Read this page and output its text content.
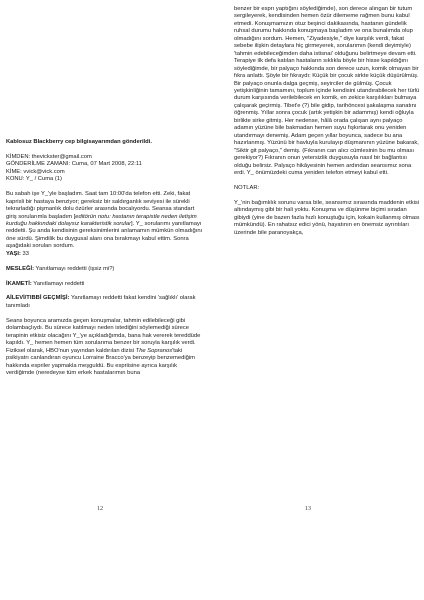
Kablosuz Blackberry cep bilgisayarımdan gönderildi.

KİMDEN: thevickster@gmail.com

GÖNDERİLME ZAMANI: Cuma, 07 Mart 2008, 22:11

KİME: vvick@vick.com

KONU: Y_ / Cuma (1)

Bu sabah işe Y_'yle başladım. Saat tam 10:00'da telefon etti. Zeki, fakat kaprisli bir hastaya benziyor; gereksiz bir saldırganlık seviyesi ile sürekli tekrarladığı pişmanlık dolu özürler arasında bocalıyordu. Seansa standart giriş sorularımla başladım [editörün notu: hastanın terapistle neden iletişim kurduğu hakkındaki dolaysız karakteristik sorular]. Y_ sorularımı yanıtlamayı reddetti. Şu anda kendisinin gereksinimlerini anlamamın mümkün olmadığını öne sürdü. Şimdilik bu duygusal alanı ona bırakmayı kabul ettim. Sonra aşağıdaki soruları sordum.

YAŞI: 33

MESLEĞİ: Yanıtlamayı reddetti (işsiz mi?)

İKAMETİ: Yanıtlamayı reddetti

AİLEVİ/TIBBİ GEÇMİŞİ: Yanıtlamayı reddetti fakat kendini 'sağlıklı' olarak tanımladı

Seans boyunca aramızda geçen konuşmalar, tahmin edilebileceği gibi dolambaçlıydı. Bu sürece katılmayı neden istediğini söylemediği sürece terapinin etkisiz olacağını Y_'ye açıkladığımda, bana hak vererek tereddüde kapıldı. Y_ hemen hemen tüm sorularıma benzer bir soruyla karşılık verdi. Fiziksel olarak, HBO'nun yayından kaldırılan dizisi The Sopranos'taki psikiyatrı canlandıran oyuncu Lorraine Bracco'ya benzeyip benzemediğim hakkında espriler yapmakla meşguldü. Bu espriisine ayrıca karşılık verdiğimde (neredeyse tüm erkek hastalarımın buna

benzer bir esprı yaptığını söylediğimde), son derece alıngan bir tutum sergileyerek, kendisinden hemen özür dilememe rağmen bunu kabul etmedi. Konuşmamızın otuz beşinci dakikasında, hastanın gündelik ruhsal durumu hakkında konuşmaya başladım ve ona bunalımda olup olmadığını sordum. Hemen, "Ziyadesiyle," diye karşılık verdi, fakat sebebe ilişkin detaylara hiç girmeyerek, sorularımın (kendi deyimiyle) 'tahmin edebileceğimden daha istisnai' olduğunu belirtmeye devam etti. Terapiye ilk defa katılan hastaların sıklıkla böyle bir hisse kapıldığını söylediğimde, bir palyaço hakkında son derece uzun, komik olmayan bir fıkra anlattı. Şöyle bir fıkraydı: Küçük bir çocuk sirkte küçük düşürülmüş. Bir palyaço onunla dalga geçmiş, seyirciler de gülmüş. Çocuk yetişkinliğinin tamamını, toplum içinde kendisini utandırabilecek her türlü durum karşısında verilebilecek en komik, en zekice karşılıkları bulmaya çalışarak geçirmiş. Tibet'e (?) bile gidip, tarihöncesi şakalaşma sanatını öğrenmiş. Yıllar sonra çocuk (artık yetişkin bir adammış) kendi oğluyla birlikte sirke gitmiş. Her nedense, hâlâ orada çalışan aynı palyaço adamın yüzüne bile bakmadan hemen suyu fışkırtarak onu yeniden utandırmayı denemiş. Adam geçen yıllar boyunca, sadece bu ana hazırlanmış. Yüzünü bir havluyla kurulayıp düşmanının yüzüne bakarak, "Siktir git palyaço," demiş. (Fıkranın can alıcı cümlesinin bu mu olması gerekiyor?) Fıkranın onun yetersizlik duygusuyla nasıl bir bağlantısı olduğu belirsiz. Palyaço hikâyesinin hemen ardından seansımız sona erdi. Y_ önümüzdeki cuma yeniden telefon etmeyi kabul etti.

NOTLAR:

Y_'nin bağımlılık sorunu varsa bile, seansımız sırasında maddenin etkisi altındaymış gibi bir hali yoktu. Konuşma ve düşünme biçimi sıradan gibiydi (yine de bazen fazla hızlı konuştuğu için, kokain kullanmış olması mümkündü). En rahatsız edici yönü, hayatının en önemsiz ayrıntıları üzerinde bile paranoyakça,

12	13
